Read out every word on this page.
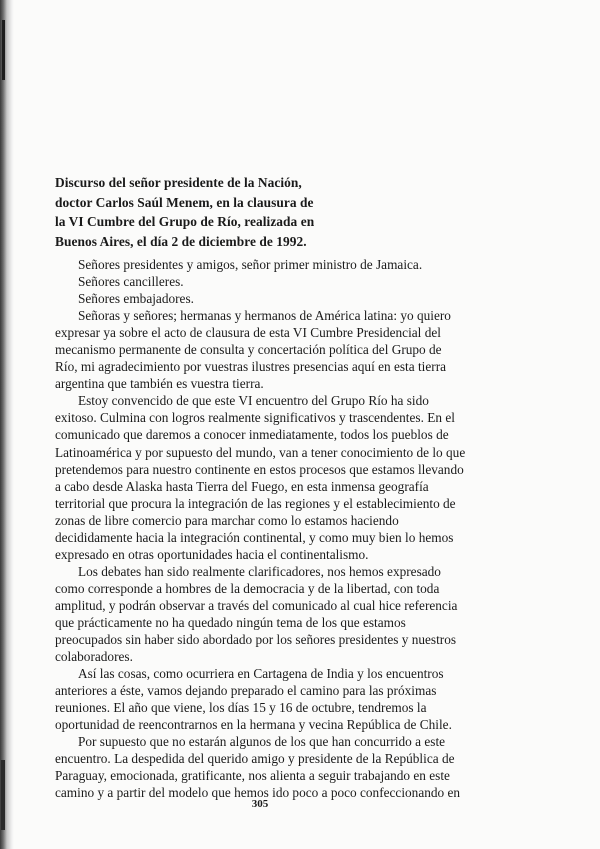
Discurso del señor presidente de la Nación,
doctor Carlos Saúl Menem, en la clausura de
la VI Cumbre del Grupo de Río, realizada en
Buenos Aires, el día 2 de diciembre de 1992.
Señores presidentes y amigos, señor primer ministro de Jamaica.
Señores cancilleres.
Señores embajadores.
Señoras y señores; hermanas y hermanos de América latina: yo quiero
expresar ya sobre el acto de clausura de esta VI Cumbre Presidencial del
mecanismo permanente de consulta y concertación política del Grupo de
Río, mi agradecimiento por vuestras ilustres presencias aquí en esta tierra
argentina que también es vuestra tierra.
Estoy convencido de que este VI encuentro del Grupo Río ha sido
exitoso. Culmina con logros realmente significativos y trascendentes. En el
comunicado que daremos a conocer inmediatamente, todos los pueblos de
Latinoamérica y por supuesto del mundo, van a tener conocimiento de lo que
pretendemos para nuestro continente en estos procesos que estamos llevando
a cabo desde Alaska hasta Tierra del Fuego, en esta inmensa geografía
territorial que procura la integración de las regiones y el establecimiento de
zonas de libre comercio para marchar como lo estamos haciendo
decididamente hacia la integración continental, y como muy bien lo hemos
expresado en otras oportunidades hacia el continentalismo.
Los debates han sido realmente clarificadores, nos hemos expresado
como corresponde a hombres de la democracia y de la libertad, con toda
amplitud, y podrán observar a través del comunicado al cual hice referencia
que prácticamente no ha quedado ningún tema de los que estamos
preocupados sin haber sido abordado por los señores presidentes y nuestros
colaboradores.
Así las cosas, como ocurriera en Cartagena de India y los encuentros
anteriores a éste, vamos dejando preparado el camino para las próximas
reuniones. El año que viene, los días 15 y 16 de octubre, tendremos la
oportunidad de reencontrarnos en la hermana y vecina República de Chile.
Por supuesto que no estarán algunos de los que han concurrido a este
encuentro. La despedida del querido amigo y presidente de la República de
Paraguay, emocionada, gratificante, nos alienta a seguir trabajando en este
camino y a partir del modelo que hemos ido poco a poco confeccionando en
305
